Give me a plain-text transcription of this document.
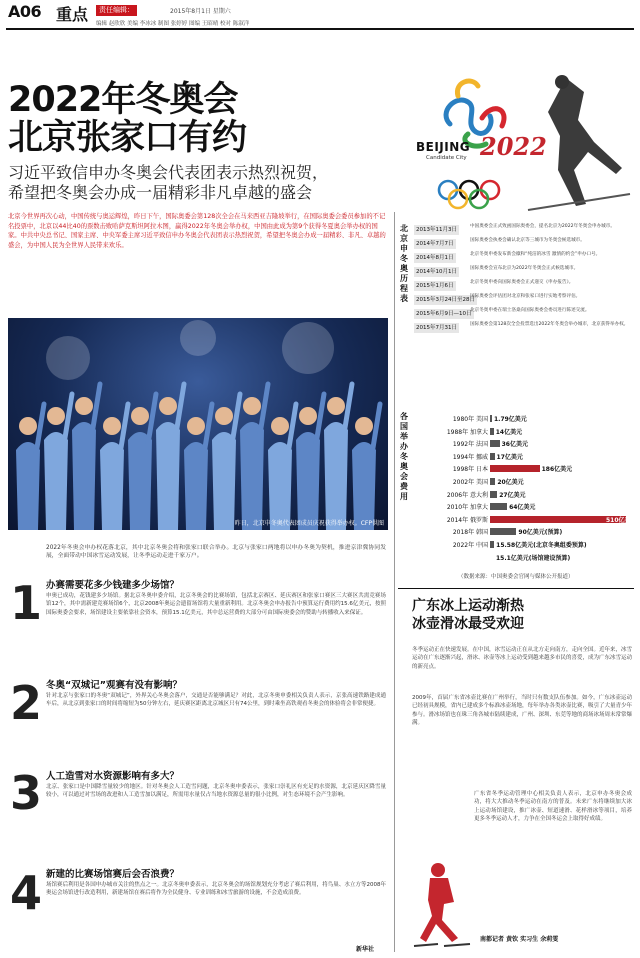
A06 重点	责任编辑：	2015年8月1日 星期六
编辑 赵欣欣 美编 李冰冰 制图 张婷婷 图编 王昭晴 校对 陈淑洋
2022年冬奥会
北京张家口有约
习近平致信申办冬奥会代表团表示热烈祝贺，
希望把冬奥会办成一届精彩非凡卓越的盛会
北京今世界再次心动，中国传统与奥运辉煌，昨日下午，国际奥委会第128次全会在马来西亚吉隆坡举行，在国际奥委会委员参加的不记名投票中，北京以44比40的票数击败哈萨克斯坦阿拉木图，赢得2022年冬奥会举办权，中国由此成为第9个获得冬夏奥会举办权的国家。中共中央总书记、国家主席、中央军委主席习近平致信申办冬奥会代表团表示热烈祝贺，希望把冬奥会办成一届精彩、非凡、卓越的盛会，为中国人民为全世界人民带来欢乐。
昨日，北京申冬奥代表团成员庆祝获得举办权。CFP供图
2022年冬奥会申办权花落北京，其中北京冬奥会将和张家口联合举办。北京与张家口两地将以申办冬奥为契机，推进京津冀协同发展，全面带动中国冰雪运动发展，让冬季运动走进千家万户。
1 办赛需要花多少钱建多少场馆？
申奥已成功，花钱建多少场馆。据北京冬奥申委介绍，北京冬奥会的比赛场馆，包括北京赛区、延庆赛区和张家口赛区三大赛区共需竞赛场馆12个，其中需新建竞赛场馆6个，北京2008年奥运会遗留场馆将大量重新利用。北京冬奥会申办报告中预算运行费用约15.6亿美元，按照国际奥委会要求，场馆建设主要依靠社会资本，预算15.1亿美元，其中总运营费的大部分可由国际奥委会的赞助与转播收入来保证。
2 冬奥“双城记”观赛有没有影响？
针对北京与张家口的冬奥“双城记”，外界关心冬奥会落户，交通是否能够满足？对此，北京冬奥申委相关负责人表示，京张高速铁路建成通车后，从北京到张家口的时间将缩短为50分钟左右，延庆赛区距离北京城区只有74公里，到时乘坐高铁观看冬奥会的体验将会非常便捷。
3 人工造雪对水资源影响有多大？
北京、张家口是中国降雪量较少的地区。针对冬奥会人工造雪问题，北京冬奥申委表示，张家口崇礼区有充足的水资源，北京延庆区降雪量较小，可以通过对雪场的改进和人工造雪加以满足，所需用水量仅占当地水资源总量的很小比例，对生态环境不会产生影响。
4 新建的比赛场馆赛后会否浪费？
场馆赛后利用是各国申办城市关注的焦点之一。北京冬奥申委表示，北京冬奥会的场馆规划充分考虑了赛后利用，将鸟巢、水立方等2008年奥运会场馆进行改造利用，新建场馆在赛后将作为全民健身、专业训练和冰雪旅游的设施，不会造成浪费。
新华社
BEIJING
Candidate City 2022
北京申冬奥历程表
2013年11月3日
中国奥委会正式致函国际奥委会，提名北京为2022年冬奥会申办城市。
2014年7月7日
国际奥委会执委会确认北京等三城市为冬奥会候选城市。
2014年8月1日
北京冬奥申委发布新会徽和“纯洁的冰雪 激情的约会”申办口号。
2014年10月1日
国际奥委会宣布北京为2022年冬奥会正式候选城市。
2015年1月6日
北京冬奥申委向国际奥委会正式递交《申办报告》。
2015年3月24日至28日
国际奥委会评估团对北京和张家口进行实地考察评估。
2015年6月9日—10日
北京冬奥申委在瑞士洛桑向国际奥委会委员进行陈述交流。
2015年7月31日
国际奥委会第128次全会投票选出2022年冬奥会举办城市，北京获得举办权。
各国举办冬奥会费用
1980年 美国 1.79亿美元
1988年 加拿大 14亿美元
1992年 法国 36亿美元
1994年 挪威 17亿美元
1998年 日本	186亿美元
2002年 美国 20亿美元
2006年 意大利 27亿美元
2010年 加拿大	64亿美元
2014年 俄罗斯	510亿美元
2018年 韩国	90亿美元(预算)
2022年 中国 15.58亿美元(北京冬奥组委预算)
15.1亿美元(场馆建设预算)
（数据来源：中国奥委会官网与媒体公开报道）
广东冰上运动渐热
冰壶滑冰最受欢迎
冬季运动正在快速发展。在中国，冰雪运动正在从北方走向南方，走向全国。近年来，冰雪运动在广东逐渐兴起，滑冰、冰壶等冰上运动受到越来越多市民的喜爱，成为广东冰雪运动的新亮点。
2009年，首届广东省冰壶比赛在广州举行，当时只有数支队伍参加。如今，广东冰壶运动已经初具规模，省内已建成多个标准冰壶场地，每年举办各类冰壶比赛，吸引了大量青少年参与。滑冰场馆也在珠三角各城市陆续建成，广州、深圳、东莞等地的商场冰场周末常常爆满。
广东省冬季运动管理中心相关负责人表示，北京申办冬奥会成功，将大大推动冬季运动在南方的普及。未来广东将继续加大冰上运动场馆建设，推广冰壶、短道速滑、花样滑冰等项目，培养更多冬季运动人才，力争在全国冬运会上取得好成绩。
南都记者 黄钦 实习生 余莉雯
